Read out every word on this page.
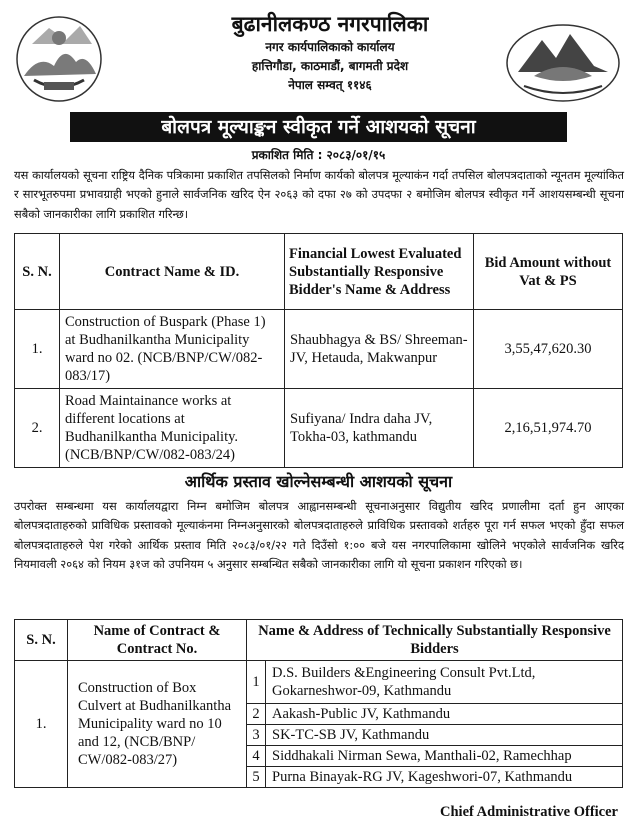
बुढानीलकण्ठ नगरपालिका
नगर कार्यपालिकाको कार्यालय
हात्तिगौडा, काठमाडौं, बागमती प्रदेश
नेपाल सम्वत् ११४६
बोलपत्र मूल्याङ्कन स्वीकृत गर्ने आशयको सूचना
प्रकाशित मिति : २०८३/०१/१५
यस कार्यालयको सूचना राष्ट्रिय दैनिक पत्रिकामा प्रकाशित तपसिलको निर्माण कार्यको बोलपत्र मूल्याकंन गर्दा तपसिल बोलपत्रदाताको न्यूनतम मूल्यांकित र सारभूतरुपमा प्रभावग्राही भएको हुनाले सार्वजनिक खरिद ऐन २०६३ को दफा २७ को उपदफा २ बमोजिम बोलपत्र स्वीकृत गर्ने आशयसम्बन्धी सूचना सबैको जानकारीका लागि प्रकाशित गरिन्छ।
S. N.	Contract Name & ID.	Financial Lowest Evaluated Substantially Responsive Bidder's Name & Address	Bid Amount without Vat & PS
1.	Construction of Buspark (Phase 1) at Budhanilkantha Municipality ward no 02. (NCB/BNP/CW/082-083/17)	Shaubhagya & BS/ Shreeman-JV, Hetauda, Makwanpur	3,55,47,620.30
2.	Road Maintainance works at different locations at Budhanilkantha Municipality. (NCB/BNP/CW/082-083/24)	Sufiyana/ Indra daha JV, Tokha-03, kathmandu	2,16,51,974.70
आर्थिक प्रस्ताव खोल्नेसम्बन्धी आशयको सूचना
उपरोक्त सम्बन्धमा यस कार्यालयद्वारा निम्न बमोजिम बोलपत्र आह्वानसम्बन्धी सूचनाअनुसार विद्युतीय खरिद प्रणालीमा दर्ता हुन आएका बोलपत्रदाताहरुको प्राविधिक प्रस्तावको मूल्याकंनमा निम्नअनुसारको बोलपत्रदाताहरुले प्राविधिक प्रस्तावको शर्तहरु पूरा गर्न सफल भएको हुँदा सफल बोलपत्रदाताहरुले पेश गरेको आर्थिक प्रस्ताव मिति २०८३/०१/२२ गते दिउँसो १:०० बजे यस नगरपालिकामा खोलिने भएकोले सार्वजनिक खरिद नियमावली २०६४ को नियम ३१ज को उपनियम ५ अनुसार सम्बन्धित सबैको जानकारीका लागि यो सूचना प्रकाशन गरिएको छ।
S. N.	Name of Contract & Contract No.	Name & Address of Technically Substantially Responsive Bidders	
1.	Construction of Box Culvert at Budhanilkantha Municipality ward no 10 and 12, (NCB/BNP/ CW/082-083/27)	1	D.S. Builders &Engineering Consult Pvt.Ltd, Gokarneshwor-09, Kathmandu
		2	Aakash-Public JV, Kathmandu
		3	SK-TC-SB JV, Kathmandu
		4	Siddhakali Nirman Sewa, Manthali-02, Ramechhap
		5	Purna Binayak-RG JV, Kageshwori-07, Kathmandu
Chief Administrative Officer
